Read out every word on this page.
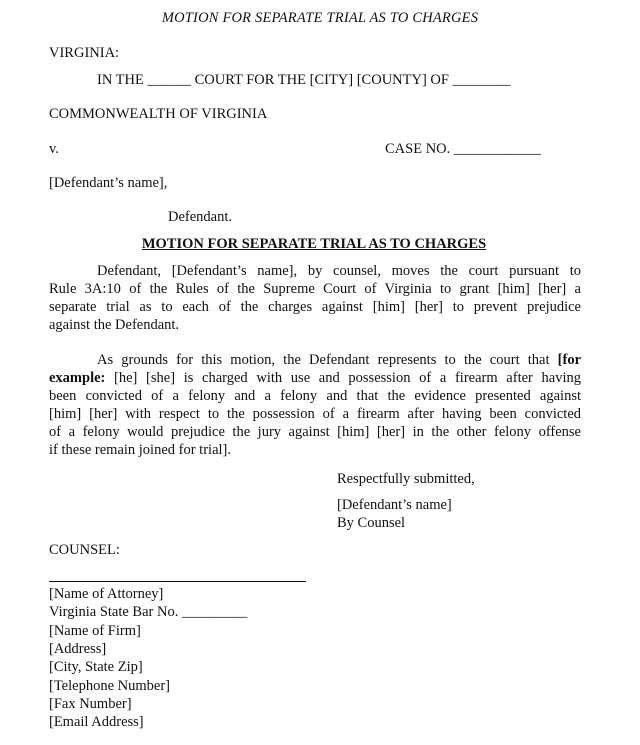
MOTION FOR SEPARATE TRIAL AS TO CHARGES
VIRGINIA:
IN THE ______ COURT FOR THE [CITY] [COUNTY] OF ________
COMMONWEALTH OF VIRGINIA
v.	CASE NO. ____________
[Defendant’s name],
Defendant.
MOTION FOR SEPARATE TRIAL AS TO CHARGES
Defendant, [Defendant’s name], by counsel, moves the court pursuant to
Rule 3A:10 of the Rules of the Supreme Court of Virginia to grant [him] [her] a
separate trial as to each of the charges against [him] [her] to prevent prejudice
against the Defendant.
As grounds for this motion, the Defendant represents to the court that [for
example: [he] [she] is charged with use and possession of a firearm after having
been convicted of a felony and a felony and that the evidence presented against
[him] [her] with respect to the possession of a firearm after having been convicted
of a felony would prejudice the jury against [him] [her] in the other felony offense
if these remain joined for trial].
Respectfully submitted,
[Defendant’s name]
By Counsel
COUNSEL:
[Name of Attorney]
Virginia State Bar No. _________
[Name of Firm]
[Address]
[City, State Zip]
[Telephone Number]
[Fax Number]
[Email Address]
